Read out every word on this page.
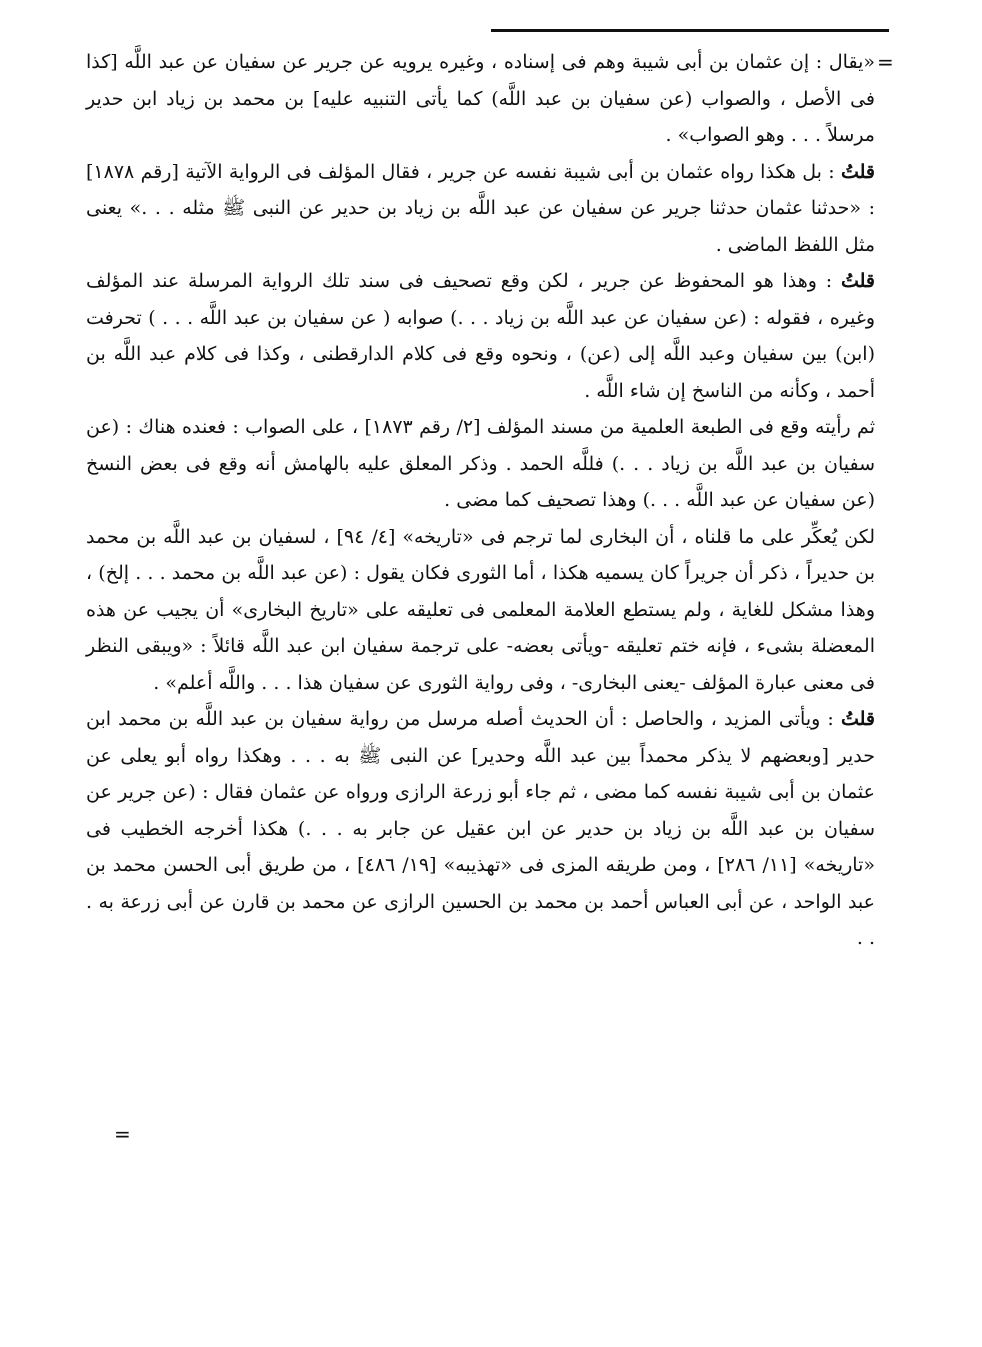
=

«يقال : إن عثمان بن أبى شيبة وهم فى إسناده ، وغيره يرويه عن جرير عن سفيان عن عبد اللَّه [كذا فى الأصل ، والصواب (عن سفيان بن عبد اللَّه) كما يأتى التنبيه عليه] بن محمد بن زياد ابن حدير مرسلاً . . . وهو الصواب» .

قلتُ : بل هكذا رواه عثمان بن أبى شيبة نفسه عن جرير ، فقال المؤلف فى الرواية الآتية [رقم ١٨٧٨] : «حدثنا عثمان حدثنا جرير عن سفيان عن عبد اللَّه بن زياد بن حدير عن النبى ﷺ مثله . . .» يعنى مثل اللفظ الماضى .

قلتُ : وهذا هو المحفوظ عن جرير ، لكن وقع تصحيف فى سند تلك الرواية المرسلة عند المؤلف وغيره ، فقوله : (عن سفيان عن عبد اللَّه بن زياد . . .) صوابه ( عن سفيان بن عبد اللَّه . . . ) تحرفت (ابن) بين سفيان وعبد اللَّه إلى (عن) ، ونحوه وقع فى كلام الدارقطنى ، وكذا فى كلام عبد اللَّه بن أحمد ، وكأنه من الناسخ إن شاء اللَّه .

ثم رأيته وقع فى الطبعة العلمية من مسند المؤلف [٢/ رقم ١٨٧٣] ، على الصواب : فعنده هناك : (عن سفيان بن عبد اللَّه بن زياد . . .) فللَّه الحمد . وذكر المعلق عليه بالهامش أنه وقع فى بعض النسخ (عن سفيان عن عبد اللَّه . . .) وهذا تصحيف كما مضى .

لكن يُعكِّر على ما قلناه ، أن البخارى لما ترجم فى «تاريخه» [٤/ ٩٤] ، لسفيان بن عبد اللَّه بن محمد بن حديراً ، ذكر أن جريراً كان يسميه هكذا ، أما الثورى فكان يقول : (عن عبد اللَّه بن محمد . . . إلخ) ، وهذا مشكل للغاية ، ولم يستطع العلامة المعلمى فى تعليقه على «تاريخ البخارى» أن يجيب عن هذه المعضلة بشىء ، فإنه ختم تعليقه -ويأتى بعضه- على ترجمة سفيان ابن عبد اللَّه قائلاً : «ويبقى النظر فى معنى عبارة المؤلف -يعنى البخارى- ، وفى رواية الثورى عن سفيان هذا . . . واللَّه أعلم» .

قلتُ : ويأتى المزيد ، والحاصل : أن الحديث أصله مرسل من رواية سفيان بن عبد اللَّه بن محمد ابن حدير [وبعضهم لا يذكر محمداً بين عبد اللَّه وحدير] عن النبى ﷺ به . . . وهكذا رواه أبو يعلى عن عثمان بن أبى شيبة نفسه كما مضى ، ثم جاء أبو زرعة الرازى ورواه عن عثمان فقال : (عن جرير عن سفيان بن عبد اللَّه بن زياد بن حدير عن ابن عقيل عن جابر به . . .) هكذا أخرجه الخطيب فى «تاريخه» [١١/ ٢٨٦] ، ومن طريقه المزى فى «تهذيبه» [١٩/ ٤٨٦] ، من طريق أبى الحسن محمد بن عبد الواحد ، عن أبى العباس أحمد بن محمد بن الحسين الرازى عن محمد بن قارن عن أبى زرعة به . . .

=
